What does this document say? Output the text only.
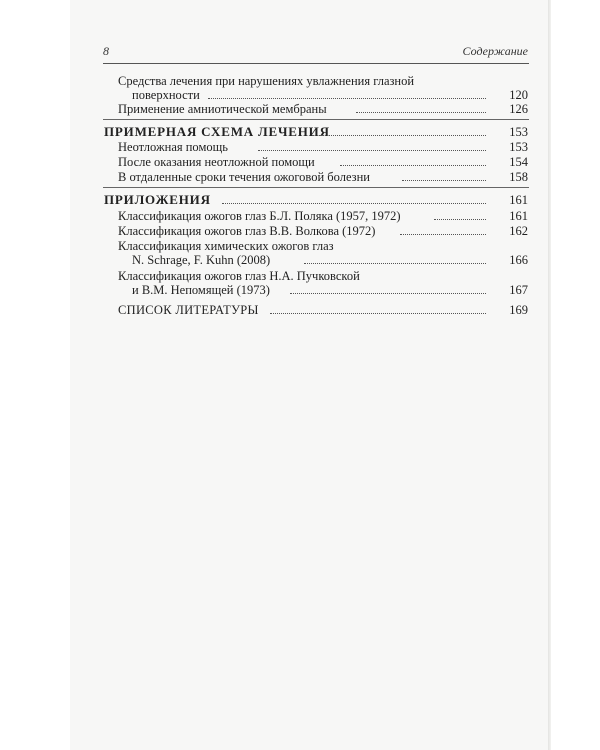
8	Содержание
Средства лечения при нарушениях увлажнения глазной
поверхности	120
Применение амниотической мембраны	126
ПРИМЕРНАЯ СХЕМА ЛЕЧЕНИЯ	153
Неотложная помощь	153
После оказания неотложной помощи	154
В отдаленные сроки течения ожоговой болезни	158
ПРИЛОЖЕНИЯ	161
Классификация ожогов глаз Б.Л. Поляка (1957, 1972)	161
Классификация ожогов глаз В.В. Волкова (1972)	162
Классификация химических ожогов глаз
N. Schrage, F. Kuhn (2008)	166
Классификация ожогов глаз Н.А. Пучковской
и В.М. Непомящей (1973)	167
СПИСОК ЛИТЕРАТУРЫ	169
